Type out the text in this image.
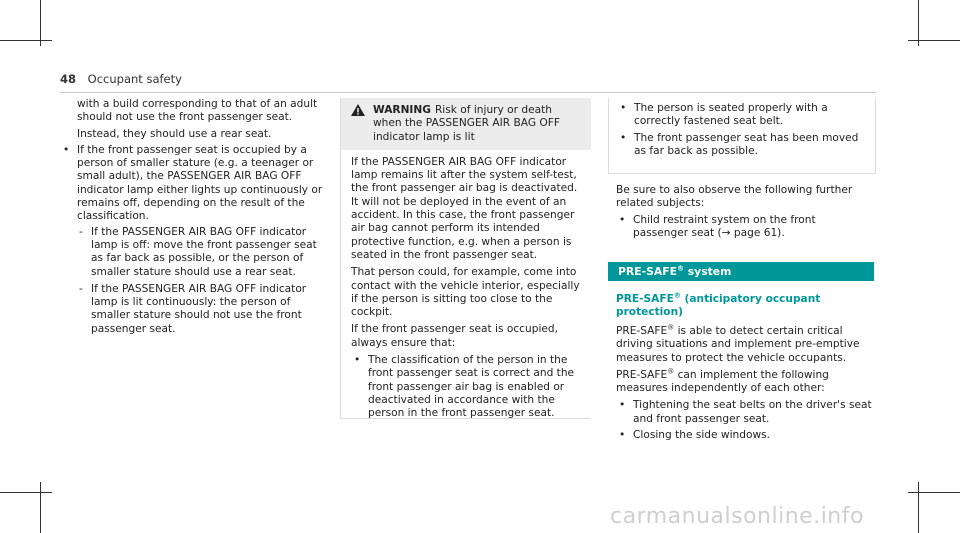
48 Occupant safety

with a build corresponding to that of an adult should not use the front passenger seat.

Instead, they should use a rear seat.

• If the front passenger seat is occupied by a person of smaller stature (e.g. a teenager or small adult), the PASSENGER AIR BAG OFF indicator lamp either lights up continuously or remains off, depending on the result of the classification.
- If the PASSENGER AIR BAG OFF indicator lamp is off: move the front passenger seat as far back as possible, or the person of smaller stature should use a rear seat.
- If the PASSENGER AIR BAG OFF indicator lamp is lit continuously: the person of smaller stature should not use the front passenger seat.
WARNING Risk of injury or death when the PASSENGER AIR BAG OFF indicator lamp is lit

If the PASSENGER AIR BAG OFF indicator lamp remains lit after the system self-test, the front passenger air bag is deactivated. It will not be deployed in the event of an accident. In this case, the front passenger air bag cannot perform its intended protective function, e.g. when a person is seated in the front passenger seat.

That person could, for example, come into contact with the vehicle interior, especially if the person is sitting too close to the cockpit.

If the front passenger seat is occupied, always ensure that:

• The classification of the person in the front passenger seat is correct and the front passenger air bag is enabled or deactivated in accordance with the person in the front passenger seat.
• The person is seated properly with a correctly fastened seat belt.
• The front passenger seat has been moved as far back as possible.

Be sure to also observe the following further related subjects:

• Child restraint system on the front passenger seat (→ page 61).
PRE-SAFE® system
PRE-SAFE® (anticipatory occupant protection)

PRE-SAFE® is able to detect certain critical driving situations and implement pre-emptive measures to protect the vehicle occupants.

PRE-SAFE® can implement the following measures independently of each other:

• Tightening the seat belts on the driver's seat and front passenger seat.
• Closing the side windows.
carmanualsonline.info
